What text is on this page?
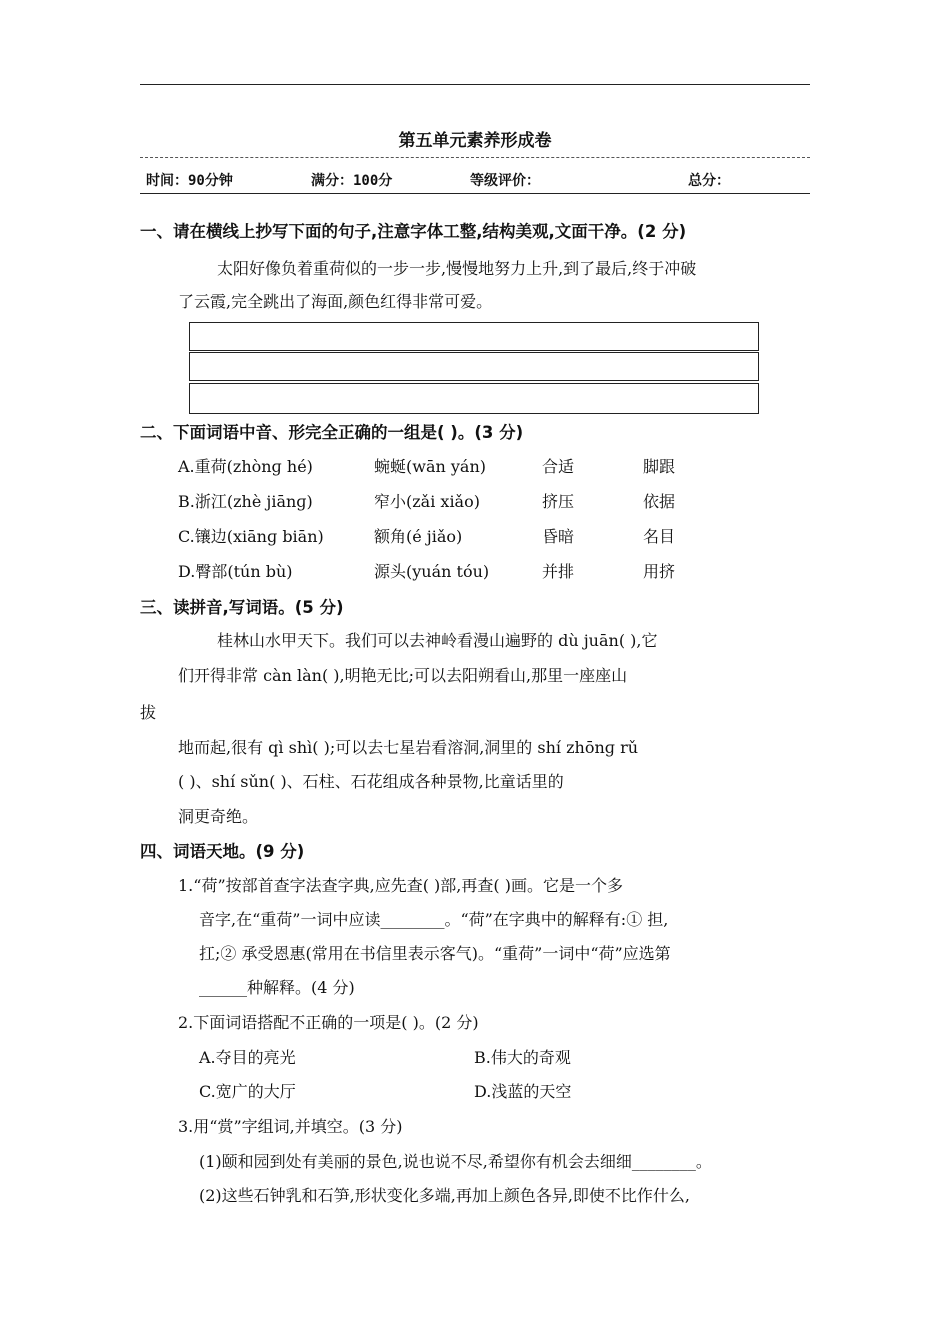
第五单元素养形成卷
时间：90分钟	满分：100分	等级评价：	总分：
一、请在横线上抄写下面的句子,注意字体工整,结构美观,文面干净。(2 分)
太阳好像负着重荷似的一步一步,慢慢地努力上升,到了最后,终于冲破
了云霞,完全跳出了海面,颜色红得非常可爱。
二、下面词语中音、形完全正确的一组是( )。(3 分)
A.重荷(zhònɡ hé)	蜿蜒(wān yán)	合适	脚跟
B.浙江(zhè jiānɡ)	窄小(zǎi xiǎo)	挤压	依据
C.镶边(xiānɡ biān)	额角(é jiǎo)	昏暗	名目
D.臀部(tún bù)	源头(yuán tóu)	并排	用挤
三、读拼音,写词语。(5 分)
桂林山水甲天下。我们可以去神岭看漫山遍野的 dù juān( ),它
们开得非常 càn làn( ),明艳无比;可以去阳朔看山,那里一座座山
拔
地而起,很有 qì shì( );可以去七星岩看溶洞,洞里的 shí zhōnɡ rǔ
( )、shí sǔn( )、石柱、石花组成各种景物,比童话里的
洞更奇绝。
四、词语天地。(9 分)
1.“荷”按部首查字法查字典,应先查( )部,再查( )画。它是一个多
音字,在“重荷”一词中应读________。“荷”在字典中的解释有:① 担,
扛;② 承受恩惠(常用在书信里表示客气)。“重荷”一词中“荷”应选第
______种解释。(4 分)
2.下面词语搭配不正确的一项是( )。(2 分)
A.夺目的亮光	B.伟大的奇观
C.宽广的大厅	D.浅蓝的天空
3.用“赏”字组词,并填空。(3 分)
(1)颐和园到处有美丽的景色,说也说不尽,希望你有机会去细细________。
(2)这些石钟乳和石笋,形状变化多端,再加上颜色各异,即使不比作什么,
